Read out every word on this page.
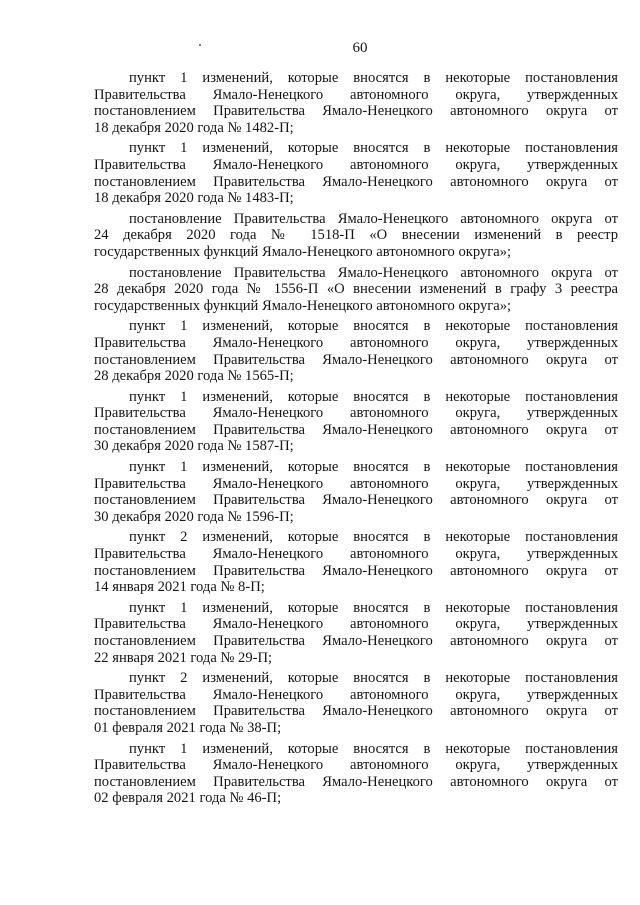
60

пункт 1 изменений, которые вносятся в некоторые постановления
Правительства Ямало-Ненецкого автономного округа, утвержденных
постановлением Правительства Ямало-Ненецкого автономного округа от
18 декабря 2020 года № 1482-П;

пункт 1 изменений, которые вносятся в некоторые постановления
Правительства Ямало-Ненецкого автономного округа, утвержденных
постановлением Правительства Ямало-Ненецкого автономного округа от
18 декабря 2020 года № 1483-П;

постановление Правительства Ямало-Ненецкого автономного округа от
24 декабря 2020 года № 1518-П «О внесении изменений в реестр
государственных функций Ямало-Ненецкого автономного округа»;

постановление Правительства Ямало-Ненецкого автономного округа от
28 декабря 2020 года № 1556-П «О внесении изменений в графу 3 реестра
государственных функций Ямало-Ненецкого автономного округа»;

пункт 1 изменений, которые вносятся в некоторые постановления
Правительства Ямало-Ненецкого автономного округа, утвержденных
постановлением Правительства Ямало-Ненецкого автономного округа от
28 декабря 2020 года № 1565-П;

пункт 1 изменений, которые вносятся в некоторые постановления
Правительства Ямало-Ненецкого автономного округа, утвержденных
постановлением Правительства Ямало-Ненецкого автономного округа от
30 декабря 2020 года № 1587-П;

пункт 1 изменений, которые вносятся в некоторые постановления
Правительства Ямало-Ненецкого автономного округа, утвержденных
постановлением Правительства Ямало-Ненецкого автономного округа от
30 декабря 2020 года № 1596-П;

пункт 2 изменений, которые вносятся в некоторые постановления
Правительства Ямало-Ненецкого автономного округа, утвержденных
постановлением Правительства Ямало-Ненецкого автономного округа от
14 января 2021 года № 8-П;

пункт 1 изменений, которые вносятся в некоторые постановления
Правительства Ямало-Ненецкого автономного округа, утвержденных
постановлением Правительства Ямало-Ненецкого автономного округа от
22 января 2021 года № 29-П;

пункт 2 изменений, которые вносятся в некоторые постановления
Правительства Ямало-Ненецкого автономного округа, утвержденных
постановлением Правительства Ямало-Ненецкого автономного округа от
01 февраля 2021 года № 38-П;

пункт 1 изменений, которые вносятся в некоторые постановления
Правительства Ямало-Ненецкого автономного округа, утвержденных
постановлением Правительства Ямало-Ненецкого автономного округа от
02 февраля 2021 года № 46-П;
